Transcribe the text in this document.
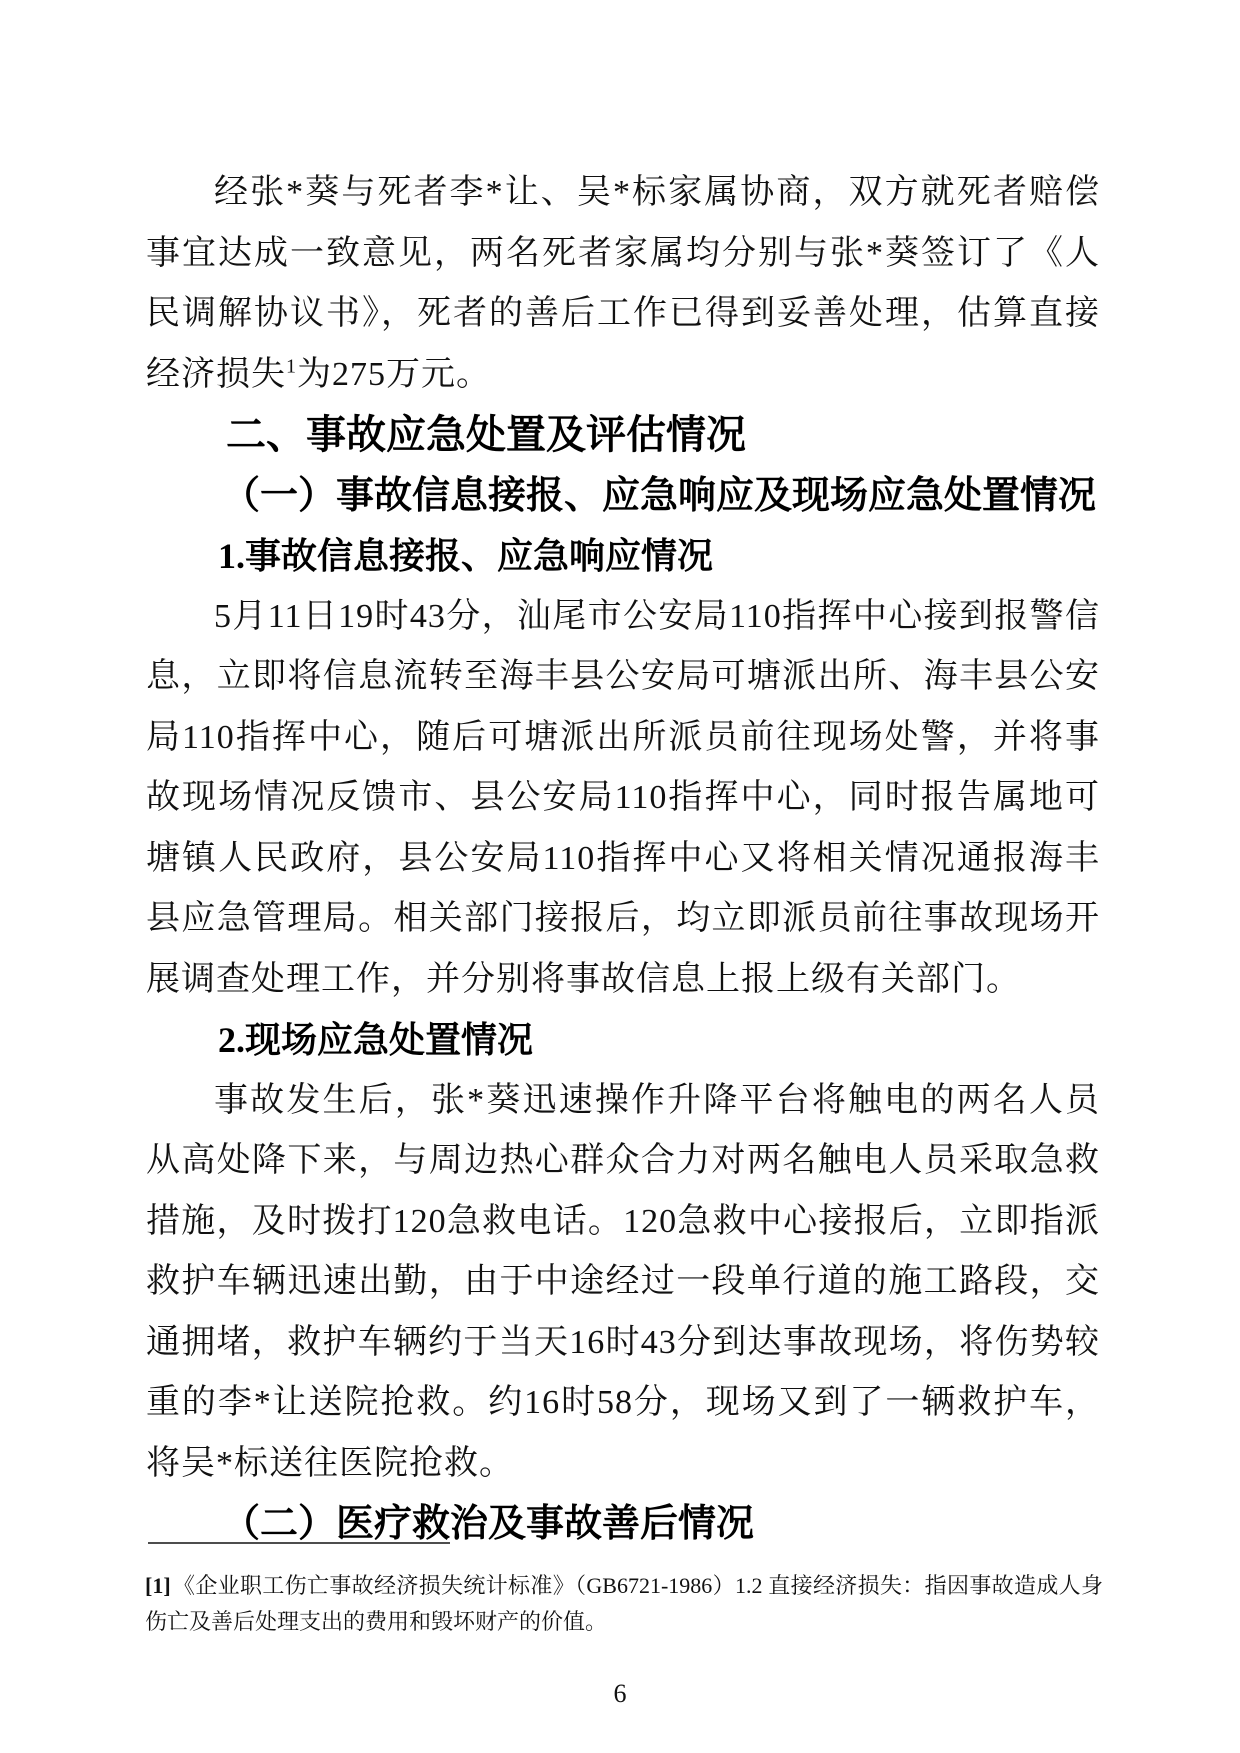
经张*葵与死者李*让、吴*标家属协商，双方就死者赔偿事宜达成一致意见，两名死者家属均分别与张*葵签订了《人民调解协议书》，死者的善后工作已得到妥善处理，估算直接经济损失$^1$为275万元。

二、事故应急处置及评估情况
（一）事故信息接报、应急响应及现场应急处置情况
1.事故信息接报、应急响应情况

5月11日19时43分，汕尾市公安局110指挥中心接到报警信息，立即将信息流转至海丰县公安局可塘派出所、海丰县公安局110指挥中心，随后可塘派出所派员前往现场处警，并将事故现场情况反馈市、县公安局110指挥中心，同时报告属地可塘镇人民政府，县公安局110指挥中心又将相关情况通报海丰县应急管理局。相关部门接报后，均立即派员前往事故现场开展调查处理工作，并分别将事故信息上报上级有关部门。

2.现场应急处置情况

事故发生后，张*葵迅速操作升降平台将触电的两名人员从高处降下来，与周边热心群众合力对两名触电人员采取急救措施，及时拨打120急救电话。120急救中心接报后，立即指派救护车辆迅速出勤，由于中途经过一段单行道的施工路段，交通拥堵，救护车辆约于当天16时43分到达事故现场，将伤势较重的李*让送院抢救。约16时58分，现场又到了一辆救护车，将吴*标送往医院抢救。

（二）医疗救治及事故善后情况
[1]《企业职工伤亡事故经济损失统计标准》（GB6721-1986）1.2 直接经济损失：指因事故造成人身伤亡及善后处理支出的费用和毁坏财产的价值。
6
